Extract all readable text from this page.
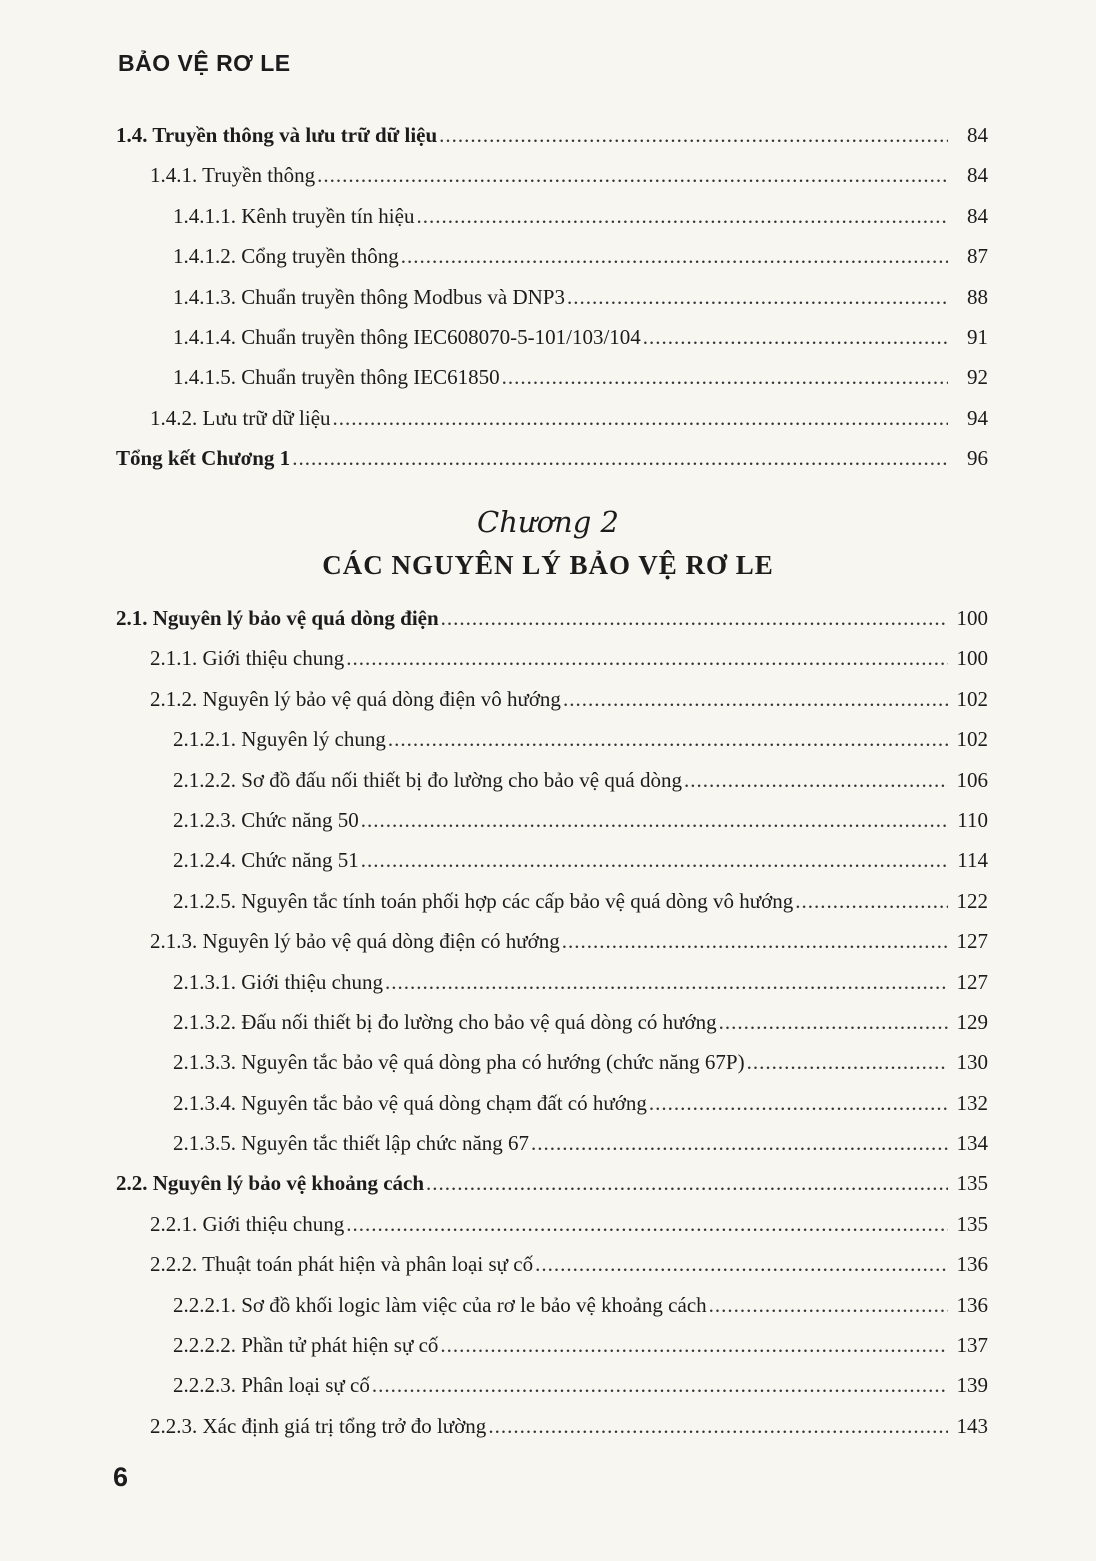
BẢO VỆ RƠ LE
1.4. Truyền thông và lưu trữ dữ liệu .....	84
1.4.1. Truyền thông .....	84
1.4.1.1. Kênh truyền tín hiệu .....	84
1.4.1.2. Cổng truyền thông .....	87
1.4.1.3. Chuẩn truyền thông Modbus và DNP3 .....	88
1.4.1.4. Chuẩn truyền thông IEC608070-5-101/103/104 .....	91
1.4.1.5. Chuẩn truyền thông IEC61850 .....	92
1.4.2. Lưu trữ dữ liệu .....	94
Tổng kết Chương 1 .....	96
Chương 2
CÁC NGUYÊN LÝ BẢO VỆ RƠ LE
2.1. Nguyên lý bảo vệ quá dòng điện .....	100
2.1.1. Giới thiệu chung .....	100
2.1.2. Nguyên lý bảo vệ quá dòng điện vô hướng .....	102
2.1.2.1. Nguyên lý chung .....	102
2.1.2.2. Sơ đồ đấu nối thiết bị đo lường cho bảo vệ quá dòng .....	106
2.1.2.3. Chức năng 50 .....	110
2.1.2.4. Chức năng 51 .....	114
2.1.2.5. Nguyên tắc tính toán phối hợp các cấp bảo vệ quá dòng vô hướng .....	122
2.1.3. Nguyên lý bảo vệ quá dòng điện có hướng .....	127
2.1.3.1. Giới thiệu chung .....	127
2.1.3.2. Đấu nối thiết bị đo lường cho bảo vệ quá dòng có hướng .....	129
2.1.3.3. Nguyên tắc bảo vệ quá dòng pha có hướng (chức năng 67P) .....	130
2.1.3.4. Nguyên tắc bảo vệ quá dòng chạm đất có hướng .....	132
2.1.3.5. Nguyên tắc thiết lập chức năng 67 .....	134
2.2. Nguyên lý bảo vệ khoảng cách .....	135
2.2.1. Giới thiệu chung .....	135
2.2.2. Thuật toán phát hiện và phân loại sự cố .....	136
2.2.2.1. Sơ đồ khối logic làm việc của rơ le bảo vệ khoảng cách .....	136
2.2.2.2. Phần tử phát hiện sự cố .....	137
2.2.2.3. Phân loại sự cố .....	139
2.2.3. Xác định giá trị tổng trở đo lường .....	143
6
